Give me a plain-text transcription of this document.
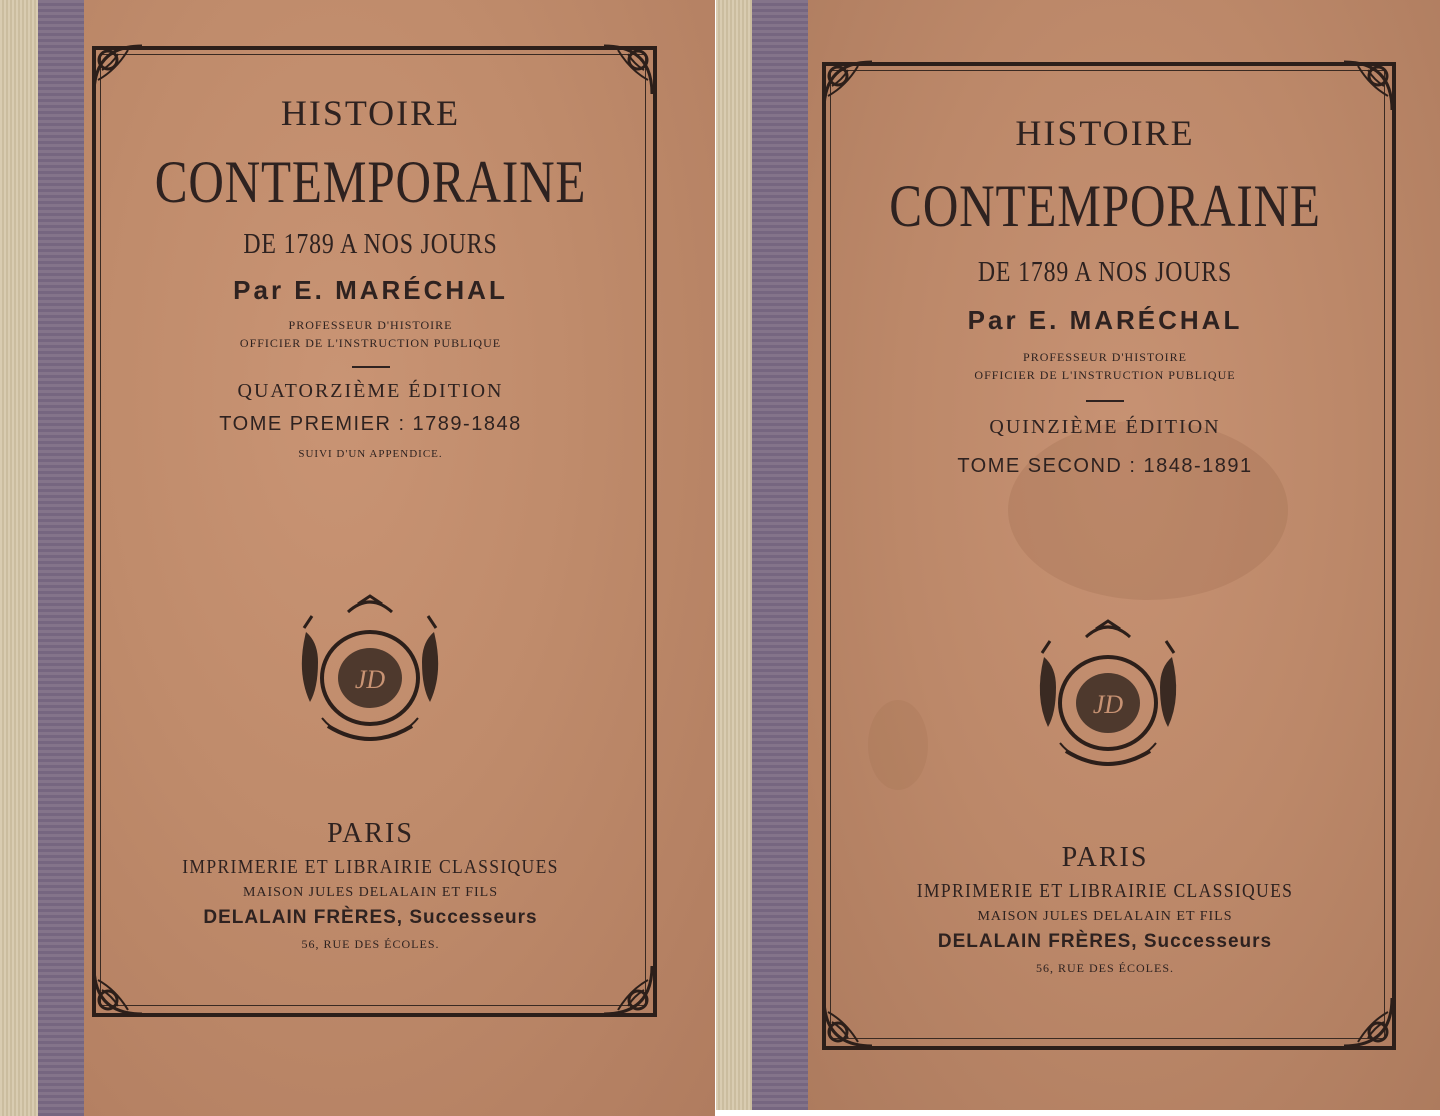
HISTOIRE
CONTEMPORAINE
DE 1789 A NOS JOURS
Par E. MARÉCHAL
PROFESSEUR D'HISTOIRE
OFFICIER DE L'INSTRUCTION PUBLIQUE
QUATORZIÈME ÉDITION
TOME PREMIER : 1789-1848
SUIVI D'UN APPENDICE.
JD
PARIS
IMPRIMERIE ET LIBRAIRIE CLASSIQUES
MAISON JULES DELALAIN ET FILS
DELALAIN FRÈRES, Successeurs
56, RUE DES ÉCOLES.
HISTOIRE
CONTEMPORAINE
DE 1789 A NOS JOURS
Par E. MARÉCHAL
PROFESSEUR D'HISTOIRE
OFFICIER DE L'INSTRUCTION PUBLIQUE
QUINZIÈME ÉDITION
TOME SECOND : 1848-1891
JD
PARIS
IMPRIMERIE ET LIBRAIRIE CLASSIQUES
MAISON JULES DELALAIN ET FILS
DELALAIN FRÈRES, Successeurs
56, RUE DES ÉCOLES.
